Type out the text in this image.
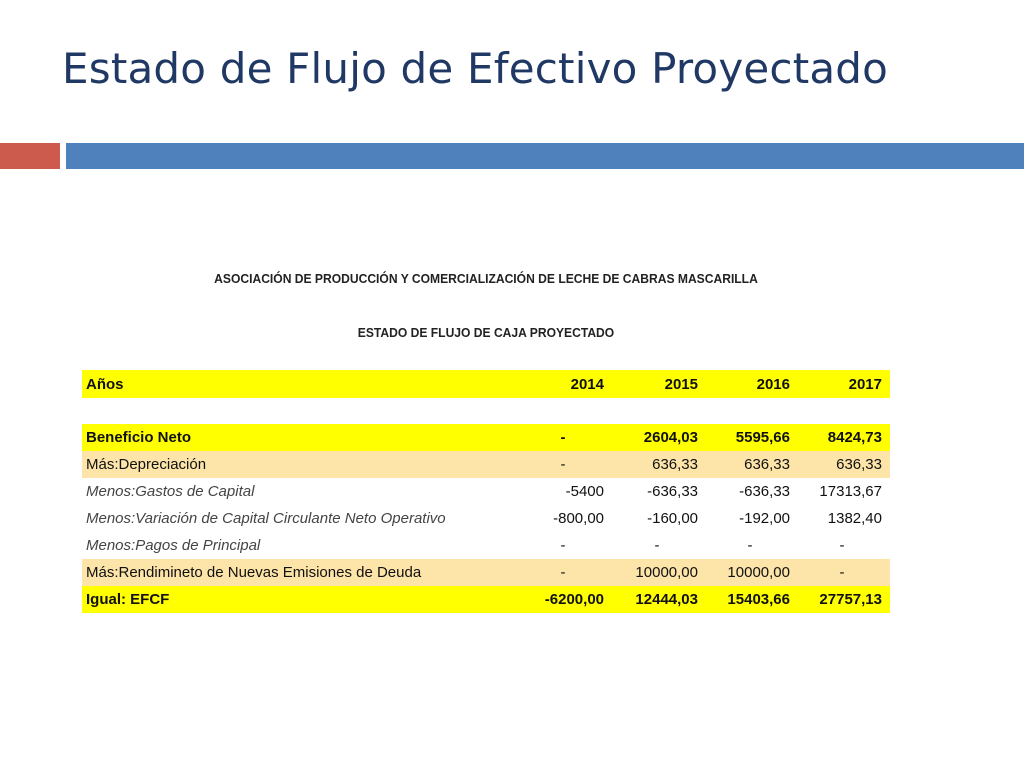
Estado de Flujo de Efectivo Proyectado
ASOCIACIÓN DE PRODUCCIÓN Y COMERCIALIZACIÓN DE LECHE DE CABRAS MASCARILLA
ESTADO DE FLUJO DE CAJA PROYECTADO
Años	2014	2015	2016	2017

Beneficio Neto	-	2604,03	5595,66	8424,73
Más:Depreciación	-	636,33	636,33	636,33
Menos:Gastos de Capital	-5400	-636,33	-636,33	17313,67
Menos:Variación de Capital Circulante Neto Operativo	-800,00	-160,00	-192,00	1382,40
Menos:Pagos de Principal	-	-	-	-
Más:Rendimineto de Nuevas Emisiones de Deuda	-	10000,00	10000,00	-
Igual: EFCF	-6200,00	12444,03	15403,66	27757,13
